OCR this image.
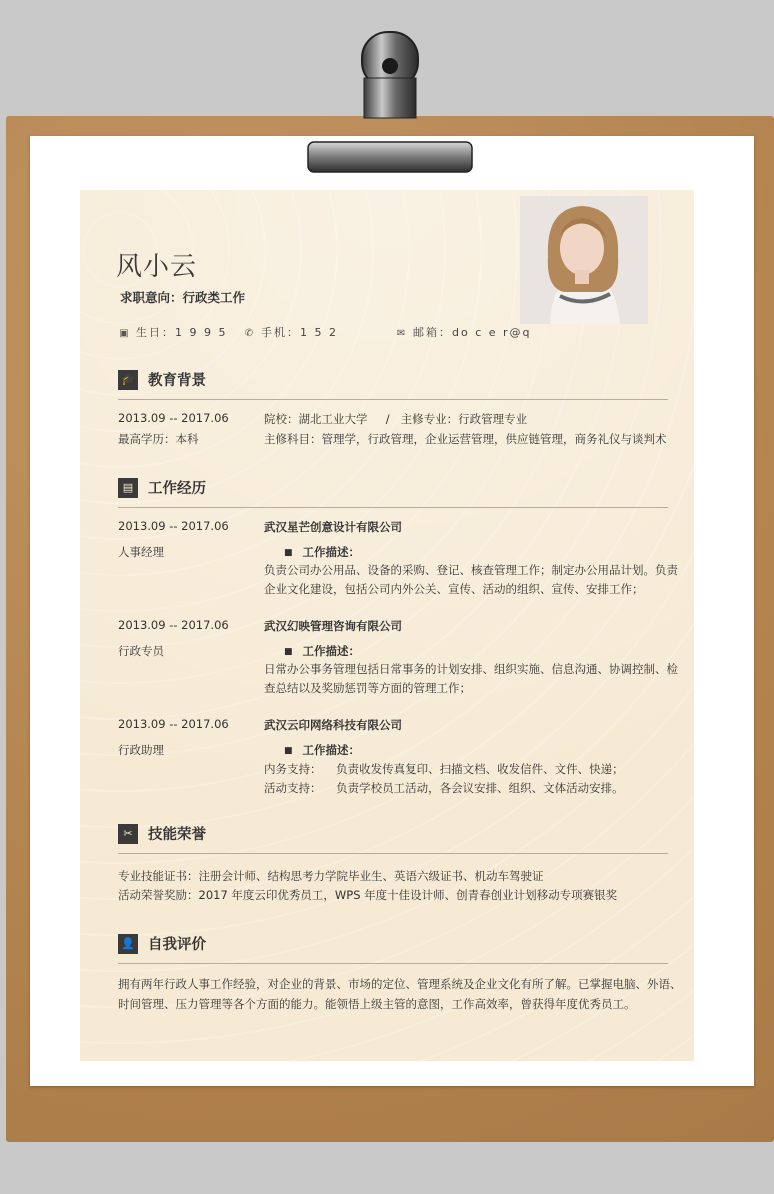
风小云
求职意向：行政类工作
▣ 生日：1 9 9 5 ✆ 手机：1 5 2	✉ 邮箱：do c e r@q
🎓 教育背景
2013.09 -- 2017.06
最高学历：本科
院校：湖北工业大学     /   主修专业：行政管理专业
主修科目：管理学，行政管理，企业运营管理，供应链管理，商务礼仪与谈判术
▤ 工作经历
2013.09 -- 2017.06
人事经理
武汉星芒创意设计有限公司
■ 工作描述：
负责公司办公用品、设备的采购、登记、核查管理工作；制定办公用品计划。负责
企业文化建设，包括公司内外公关、宣传、活动的组织、宣传、安排工作；
2013.09 -- 2017.06
行政专员
武汉幻映管理咨询有限公司
■ 工作描述：
日常办公事务管理包括日常事务的计划安排、组织实施、信息沟通、协调控制、检
查总结以及奖励惩罚等方面的管理工作；
2013.09 -- 2017.06
行政助理
武汉云印网络科技有限公司
■ 工作描述：
内务支持：    负责收发传真复印、扫描文档、收发信件、文件、快递；
活动支持：    负责学校员工活动，各会议安排、组织、文体活动安排。
✂ 技能荣誉
专业技能证书：注册会计师、结构思考力学院毕业生、英语六级证书、机动车驾驶证
活动荣誉奖励：2017 年度云印优秀员工，WPS 年度十佳设计师、创青春创业计划移动专项赛银奖
👤 自我评价
拥有两年行政人事工作经验，对企业的背景、市场的定位、管理系统及企业文化有所了解。已掌握电脑、外语、
时间管理、压力管理等各个方面的能力。能领悟上级主管的意图，工作高效率，曾获得年度优秀员工。
